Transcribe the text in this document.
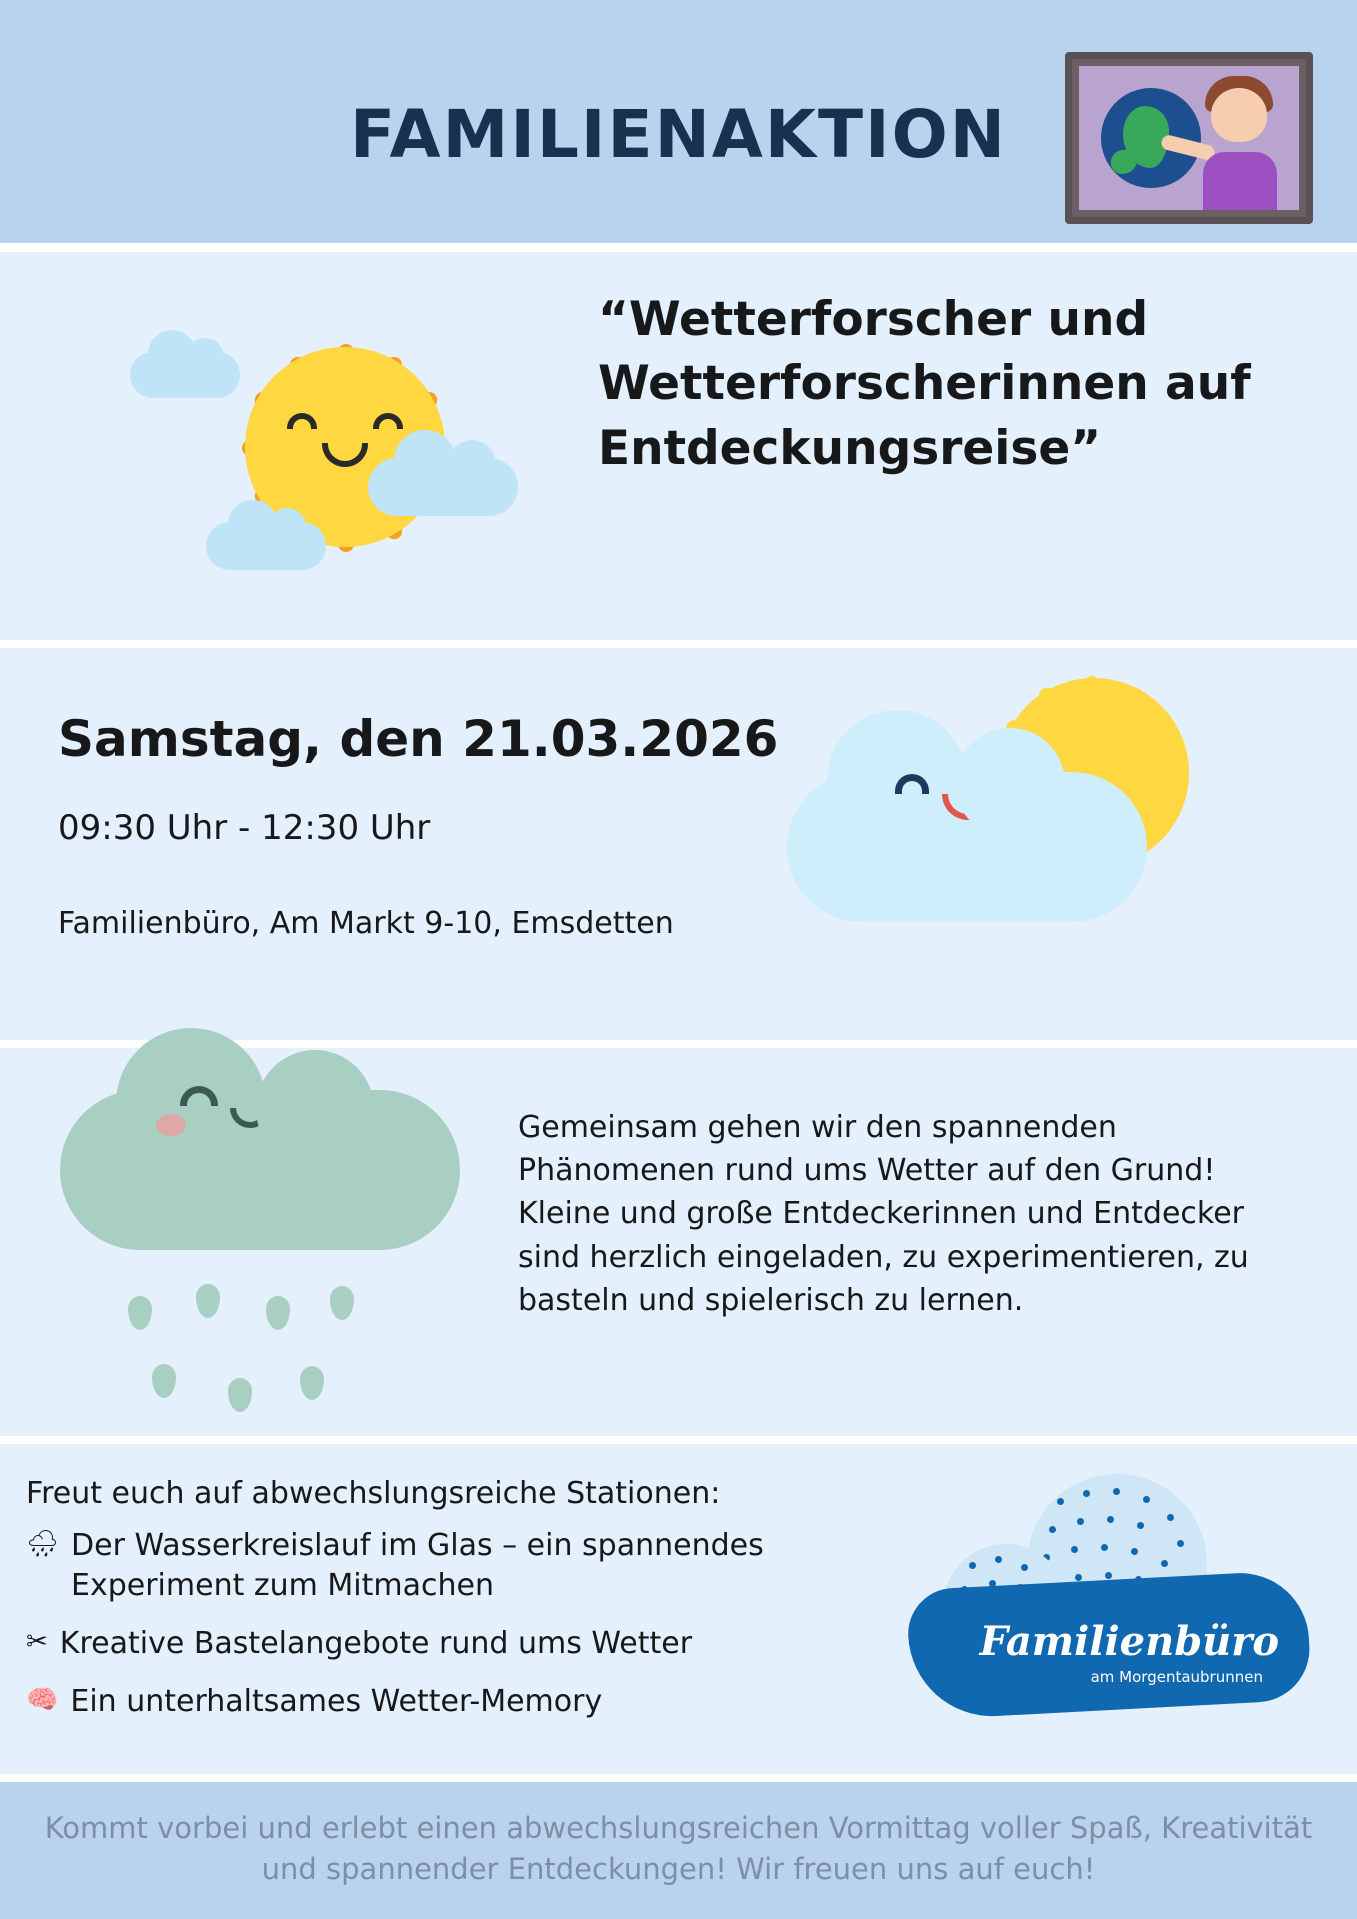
FAMILIENAKTION
“Wetterforscher und Wetterforscherinnen auf Entdeckungsreise”
Samstag, den 21.03.2026
09:30 Uhr - 12:30 Uhr
Familienbüro, Am Markt 9-10, Emsdetten
Gemeinsam gehen wir den spannenden Phänomenen rund ums Wetter auf den Grund! Kleine und große Entdeckerinnen und Entdecker sind herzlich eingeladen, zu experimentieren, zu basteln und spielerisch zu lernen.
Freut euch auf abwechslungsreiche Stationen:
🌧 Der Wasserkreislauf im Glas – ein spannendes Experiment zum Mitmachen
✂ Kreative Bastelangebote rund ums Wetter
🧠 Ein unterhaltsames Wetter-Memory
Familienbüro
am Morgentaubrunnen
Kommt vorbei und erlebt einen abwechslungsreichen Vormittag voller Spaß, Kreativität und spannender Entdeckungen! Wir freuen uns auf euch!
